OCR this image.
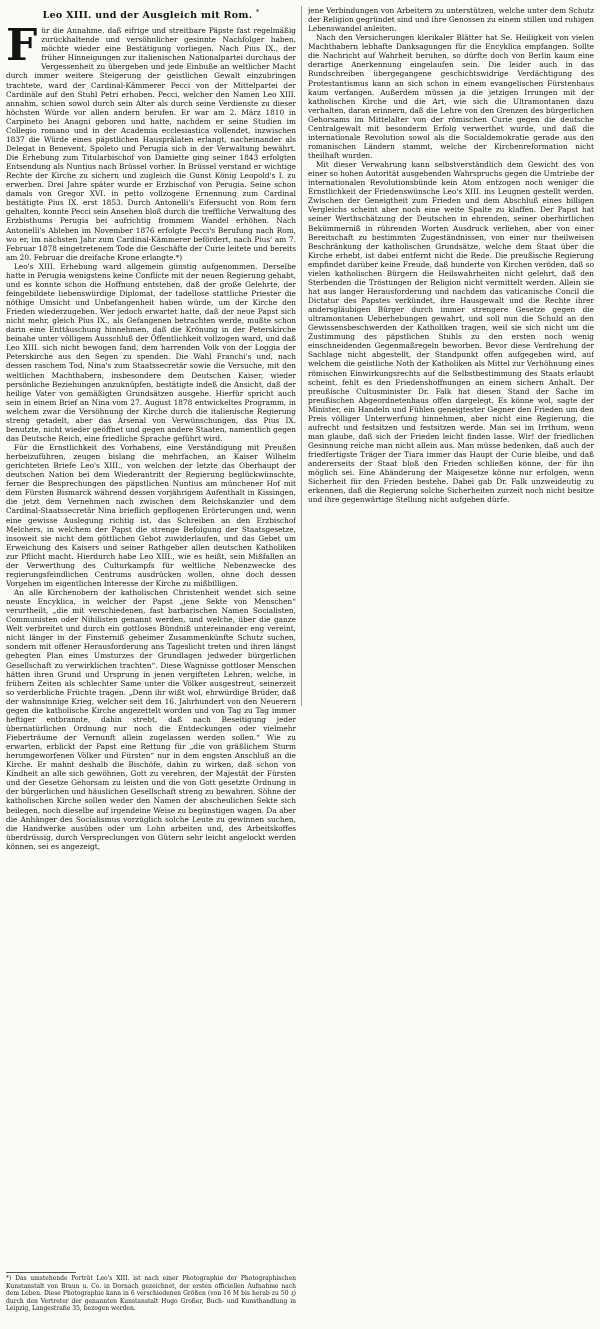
Leo XIII. und der Ausgleich mit Rom. *

Für die Annahme, daß eifrige und streitbare Päpste fast regelmäßig zurückhaltende und versöhnlicher gesinnte Nachfolger haben, möchte wieder eine Bestätigung vorliegen. Nach Pius IX., der früher Hinneigungen zur italienischen Nationalpartei durchaus der Vergessenheit zu übergeben und jede Einbuße an weltlicher Macht durch immer weitere Steigerung der geistlichen Gewalt einzubringen trachtete, ward der Cardinal-Kämmerer Pecci von der Mittelpartei der Cardinäle auf den Stuhl Petri erhoben. Pecci, welcher den Namen Leo XIII. annahm, schien sowol durch sein Alter als durch seine Verdienste zu dieser höchsten Würde vor allen andern berufen. Er war am 2. März 1810 in Carpineto bei Anagni geboren und hatte, nachdem er seine Studien im Collegio romano und in der Academia ecclesiastica vollendet, inzwischen 1837 die Würde eines päpstlichen Hausprälaten erlangt, nacheinander als Delegat in Benevent, Spoleto und Perugia sich in der Verwaltung bewährt. Die Erhebung zum Titularbischof von Damiette ging seiner 1843 erfolgten Entsendung als Nuntius nach Brüssel vorher. In Brüssel verstand er wichtige Rechte der Kirche zu sichern und zugleich die Gunst König Leopold's I. zu erwerben. Drei Jahre später wurde er Erzbischof von Perugia. Seine schon damals von Gregor XVI. in petto vollzogene Ernennung zum Cardinal bestätigte Pius IX. erst 1853. Durch Antonelli's Eifersucht von Rom fern gehalten, konnte Pecci sein Ansehen bloß durch die treffliche Verwaltung des Erzbisthums Perugia bei aufrichtig frommem Wandel erhöhen. Nach Antonelli's Ableben im November 1876 erfolgte Pecci's Berufung nach Rom, wo er, im nächsten Jahr zum Cardinal-Kämmerer befördert, nach Pius' am 7. Februar 1878 eingetretenem Tode die Geschäfte der Curie leitete und bereits am 20. Februar die dreifache Krone erlangte.*)

Leo's XIII. Erhebung ward allgemein günstig aufgenommen. Derselbe hatte in Perugia wenigstens keine Conflicte mit der neuen Regierung gehabt, und es konnte schon die Hoffnung entstehen, daß der große Gelehrte, der feingebildete liebenswürdige Diplomat, der tadellose stattliche Priester die nöthige Umsicht und Unbefangenheit haben würde, um der Kirche den Frieden wiederzugeben. Wer jedoch erwartet hatte, daß der neue Papst sich nicht mehr, gleich Pius IX., als Gefangenen betrachten werde, mußte schon darin eine Enttäuschung hinnehmen, daß die Krönung in der Peterskirche beinahe unter völligem Ausschluß der Öffentlichkeit vollzogen ward, und daß Leo XIII. sich nicht bewogen fand, dem harrenden Volk von der Loggia der Peterskirche aus den Segen zu spenden. Die Wahl Franchi's und, nach dessen raschem Tod, Nina's zum Staatssecretär sowie die Versuche, mit den weltlichen Machthabern, insbesondere dem Deutschen Kaiser, wieder persönliche Beziehungen anzuknüpfen, bestätigte indeß die Ansicht, daß der heilige Vater von gemäßigten Grundsätzen ausgehe. Hierfür spricht auch sein in einem Brief an Nina vom 27. August 1878 entwickeltes Programm, in welchem zwar die Versöhnung der Kirche durch die italienische Regierung streng getadelt, aber das Arsenal von Verwünschungen, das Pius IX. benutzte, nicht wieder geöffnet und gegen andere Staaten, namentlich gegen das Deutsche Reich, eine friedliche Sprache geführt wird.

Für die Ernstlichkeit des Vorhabens, eine Verständigung mit Preußen herbeizuführen, zeugen bislang die mehrfachen, an Kaiser Wilhelm gerichteten Briefe Leo's XIII., von welchen der letzte das Oberhaupt der deutschen Nation bei dem Wiederantritt der Regierung beglückwünschte, ferner die Besprechungen des päpstlichen Nuntius am münchener Hof mit dem Fürsten Bismarck während dessen vorjährigem Aufenthalt in Kissingen, die jetzt dem Vernehmen nach zwischen dem Reichskanzler und dem Cardinal-Staatssecretär Nina brieflich gepflogenen Erörterungen und, wenn eine gewisse Auslegung richtig ist, das Schreiben an den Erzbischof Melchers, in welchem der Papst die strenge Befolgung der Staatsgesetze, insoweit sie nicht dem göttlichen Gebot zuwiderlaufen, und das Gebet um Erweichung des Kaisers und seiner Rathgeber allen deutschen Katholiken zur Pflicht macht. Hierdurch habe Leo XIII., wie es heißt, sein Mißfallen an der Verwerthung des Culturkampfs für weltliche Nebenzwecke des regierungsfeindlichen Centrums ausdrücken wollen, ohne doch dessen Vorgehen im eigentlichen Interesse der Kirche zu mißbilligen.

An alle Kirchenobern der katholischen Christenheit wendet sich seine neuste Encyklica, in welcher der Papst „jene Sekte von Menschen“ verurtheilt, „die mit verschiedenen, fast barbarischen Namen Socialisten, Communisten oder Nihilisten genannt werden, und welche, über die ganze Welt verbreitet und durch ein gottloses Bündniß untereinander eng vereint, nicht länger in der Finsterniß geheimer Zusammenkünfte Schutz suchen, sondern mit offener Herausforderung ans Tageslicht treten und ihren längst gehegten Plan eines Umsturzes der Grundlagen jedweder bürgerlichen Gesellschaft zu verwirklichen trachten“. Diese Wagnisse gottloser Menschen hätten ihren Grund und Ursprung in jenen vergifteten Lehren, welche, in frühern Zeiten als schlechter Same unter die Völker ausgestreut, seinerzeit so verderbliche Früchte tragen. „Denn ihr wißt wol, ehrwürdige Brüder, daß der wahnsinnige Krieg, welcher seit dem 16. Jahrhundert von den Neuerern gegen die katholische Kirche angezettelt worden und von Tag zu Tag immer heftiger entbrannte, dahin strebt, daß nach Beseitigung jeder übernatürlichen Ordnung nur noch die Entdeckungen oder vielmehr Fieberträume der Vernunft allein zugelassen werden sollen.“ Wie zu erwarten, erblickt der Papst eine Rettung für „die von gräßlichem Sturm herumgeworfenen Völker und Fürsten“ nur in dem engsten Anschluß an die Kirche. Er mahnt deshalb die Bischöfe, dahin zu wirken, daß schon von Kindheit an alle sich gewöhnen, Gott zu verehren, der Majestät der Fürsten und der Gesetze Gehorsam zu leisten und die von Gott gesetzte Ordnung in der bürgerlichen und häuslichen Gesellschaft streng zu bewahren. Söhne der katholischen Kirche sollen weder den Namen der abscheulichen Sekte sich beilegen, noch dieselbe auf irgendeine Weise zu begünstigen wagen. Da aber die Anhänger des Socialismus vorzüglich solche Leute zu gewinnen suchen, die Handwerke ausüben oder um Lohn arbeiten und, des Arbeitskoffes überdrüssig, durch Verspreclungen von Gütern sehr leicht angelockt werden können, sei es angezeigt,

jene Verbindungen von Arbeitern zu unterstützen, welche unter dem Schutz der Religion gegründet sind und ihre Genossen zu einem stillen und ruhigen Lebenswandel anleiten.

Nach den Versicherungen klerikaler Blätter hat Se. Heiligkeit von vielen Machthabern lebhafte Danksagungen für die Encyklica empfangen. Sollte die Nachricht auf Wahrheit beruhen, so dürfte doch von Berlin kaum eine derartige Anerkennung eingelaufen sein. Die leider auch in das Rundschreiben übergegangene geschichtswidrige Verdächtigung des Protestantismus kann an sich schon in einem evangelischen Fürstenhaus kaum verfangen. Außerdem müssen ja die jetzigen Irrungen mit der katholischen Kirche und die Art, wie sich die Ultramontanen dazu verhalten, daran erinnern, daß die Lehre von den Grenzen des bürgerlichen Gehorsams im Mittelalter von der römischen Curie gegen die deutsche Centralgewalt mit besonderm Erfolg verwerthet wurde, und daß die internationale Revolution sowol als die Socialdemokratie gerade aus den romanischen Ländern stammt, welche der Kirchenreformation nicht theilhaft wurden.

Mit dieser Verwahrung kann selbstverständlich dem Gewicht des von einer so hohen Autorität ausgehenden Wahrspruchs gegen die Umtriebe der internationalen Revolutionsbünde kein Atom entzogen noch weniger die Ernstlichkeit der Friedenswünsche Leo's XIII. ins Leugnen gestellt werden. Zwischen der Geneigtheit zum Frieden und dem Abschluß eines billigen Vergleichs scheint aber noch eine weite Spalte zu klaffen. Der Papst hat seiner Werthschätzung der Deutschen in ehrenden, seiner oberhirtlichen Bekümmerniß in rührenden Worten Ausdruck verliehen, aber von einer Bereitschaft zu bestimmten Zugeständnissen, von einer nur theilweisen Beschränkung der katholischen Grundsätze, welche dem Staat über die Kirche erhebt, ist dabei entfernt nicht die Rede. Die preußische Regierung empfindet darüber keine Freude, daß hunderte von Kirchen veröden, daß so vielen katholischen Bürgern die Heilswahrheiten nicht gelehrt, daß den Sterbenden die Tröstungen der Religion nicht vermittelt werden. Allein sie hat aus langer Herausforderung und nachdem das vaticanische Concil die Dictatur des Papstes verkündet, ihre Hausgewalt und die Rechte ihrer andersgläubigen Bürger durch immer strengere Gesetze gegen die ultramontanen Ueberhebungen gewahrt, und soll nun die Schuld an den Gewissensbeschwerden der Katholiken tragen, weil sie sich nicht um die Zustimmung des päpstlichen Stuhls zu den ersten noch wenig einschneidenden Gegenmaßregeln beworben. Bevor diese Verdrehung der Sachlage nicht abgestellt, der Standpunkt offen aufgegeben wird, auf welchem die geistliche Noth der Katholiken als Mittel zur Verhöhnung eines römischen Einwirkungsrechts auf die Selbstbestimmung des Staats erlaubt scheint, fehlt es den Friedenshoffnungen an einem sichern Anhalt. Der preußische Cultusminister Dr. Falk hat diesen Stand der Sache im preußischen Abgeordnetenhaus offen dargelegt. Es könne wol, sagte der Minister, ein Handeln und Fühlen geneigtester Gegner den Frieden um den Preis völliger Unterwerfung hinnehmen, aber nicht eine Regierung, die aufrecht und festsitzen und festsitzen werde. Man sei im Irrthum, wenn man glaube, daß sich der Frieden leicht finden lasse. Wir! der friedlichen Gesinnung reiche man nicht allein aus. Man müsse bedenken, daß auch der friedfertigste Träger der Tiara immer das Haupt der Curie bleibe, und daß andererseits der Staat bloß den Frieden schließen könne, der für ihn möglich sei. Eine Abänderung der Maigesetze könne nur erfolgen, wenn Sicherheit für den Frieden bestehe. Dabei gab Dr. Falk unzweideutig zu erkennen, daß die Regierung solche Sicherheiten zurzeit noch nicht besitze und ihre gegenwärtige Stellung nicht aufgeben dürfe.

*) Das umstehende Porträt Leo's XIII. ist nach einer Photographie der Photographischen Kunstanstalt von Braun u. Co. in Dornach gezeichnet, der ersten officiellen Aufnahme nach dem Leben. Diese Photographie kann in 6 verschiedenen Größen (von 16 M bis herab zu 50 ₰) durch den Vertreter der genannten Kunstanstalt Hugo Großer, Buch- und Kunsthandlung in Leipzig, Langestraße 35, bezogen werden.
